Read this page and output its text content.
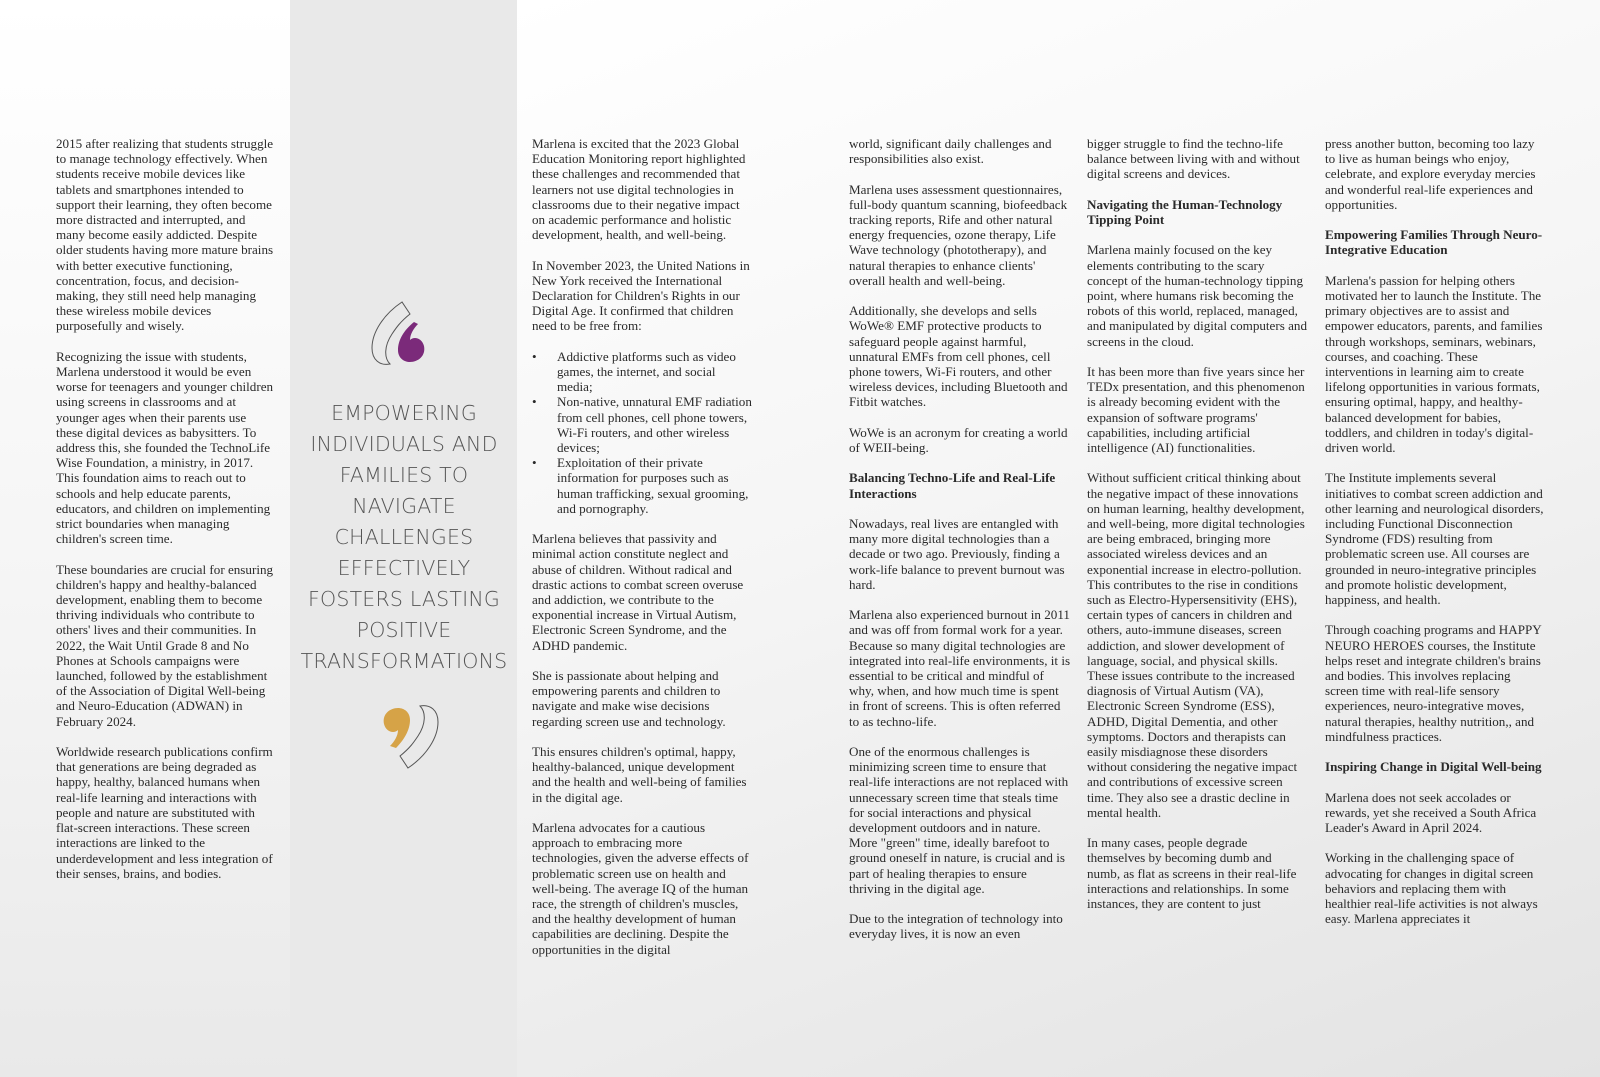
2015 after realizing that students struggle to manage technology effectively. When students receive mobile devices like tablets and smartphones intended to support their learning, they often become more distracted and interrupted, and many become easily addicted. Despite older students having more mature brains with better executive functioning, concentration, focus, and decision-making, they still need help managing these wireless mobile devices purposefully and wisely.

Recognizing the issue with students, Marlena understood it would be even worse for teenagers and younger children using screens in classrooms and at younger ages when their parents use these digital devices as babysitters. To address this, she founded the TechnoLife Wise Foundation, a ministry, in 2017. This foundation aims to reach out to schools and help educate parents, educators, and children on implementing strict boundaries when managing children's screen time.

These boundaries are crucial for ensuring children's happy and healthy-balanced development, enabling them to become thriving individuals who contribute to others' lives and their communities. In 2022, the Wait Until Grade 8 and No Phones at Schools campaigns were launched, followed by the establishment of the Association of Digital Well-being and Neuro-Education (ADWAN) in February 2024.

Worldwide research publications confirm that generations are being degraded as happy, healthy, balanced humans when real-life learning and interactions with people and nature are substituted with flat-screen interactions. These screen interactions are linked to the underdevelopment and less integration of their senses, brains, and bodies.

EMPOWERING INDIVIDUALS AND FAMILIES TO NAVIGATE CHALLENGES EFFECTIVELY FOSTERS LASTING POSITIVE TRANSFORMATIONS

Marlena is excited that the 2023 Global Education Monitoring report highlighted these challenges and recommended that learners not use digital technologies in classrooms due to their negative impact on academic performance and holistic development, health, and well-being.

In November 2023, the United Nations in New York received the International Declaration for Children's Rights in our Digital Age. It confirmed that children need to be free from:

• Addictive platforms such as video games, the internet, and social media;
• Non-native, unnatural EMF radiation from cell phones, cell phone towers, Wi-Fi routers, and other wireless devices;
• Exploitation of their private information for purposes such as human trafficking, sexual grooming, and pornography.

Marlena believes that passivity and minimal action constitute neglect and abuse of children. Without radical and drastic actions to combat screen overuse and addiction, we contribute to the exponential increase in Virtual Autism, Electronic Screen Syndrome, and the ADHD pandemic.

She is passionate about helping and empowering parents and children to navigate and make wise decisions regarding screen use and technology.

This ensures children's optimal, happy, healthy-balanced, unique development and the health and well-being of families in the digital age.

Marlena advocates for a cautious approach to embracing more technologies, given the adverse effects of problematic screen use on health and well-being. The average IQ of the human race, the strength of children's muscles, and the healthy development of human capabilities are declining. Despite the opportunities in the digital

world, significant daily challenges and responsibilities also exist.

Marlena uses assessment questionnaires, full-body quantum scanning, biofeedback tracking reports, Rife and other natural energy frequencies, ozone therapy, Life Wave technology (phototherapy), and natural therapies to enhance clients' overall health and well-being.

Additionally, she develops and sells WoWe® EMF protective products to safeguard people against harmful, unnatural EMFs from cell phones, cell phone towers, Wi-Fi routers, and other wireless devices, including Bluetooth and Fitbit watches.

WoWe is an acronym for creating a world of WEII-being.

Balancing Techno-Life and Real-Life Interactions

Nowadays, real lives are entangled with many more digital technologies than a decade or two ago. Previously, finding a work-life balance to prevent burnout was hard.

Marlena also experienced burnout in 2011 and was off from formal work for a year. Because so many digital technologies are integrated into real-life environments, it is essential to be critical and mindful of why, when, and how much time is spent in front of screens. This is often referred to as techno-life.

One of the enormous challenges is minimizing screen time to ensure that real-life interactions are not replaced with unnecessary screen time that steals time for social interactions and physical development outdoors and in nature. More "green" time, ideally barefoot to ground oneself in nature, is crucial and is part of healing therapies to ensure thriving in the digital age.

Due to the integration of technology into everyday lives, it is now an even

bigger struggle to find the techno-life balance between living with and without digital screens and devices.

Navigating the Human-Technology Tipping Point

Marlena mainly focused on the key elements contributing to the scary concept of the human-technology tipping point, where humans risk becoming the robots of this world, replaced, managed, and manipulated by digital computers and screens in the cloud.

It has been more than five years since her TEDx presentation, and this phenomenon is already becoming evident with the expansion of software programs' capabilities, including artificial intelligence (AI) functionalities.

Without sufficient critical thinking about the negative impact of these innovations on human learning, healthy development, and well-being, more digital technologies are being embraced, bringing more associated wireless devices and an exponential increase in electro-pollution. This contributes to the rise in conditions such as Electro-Hypersensitivity (EHS), certain types of cancers in children and others, auto-immune diseases, screen addiction, and slower development of language, social, and physical skills. These issues contribute to the increased diagnosis of Virtual Autism (VA), Electronic Screen Syndrome (ESS), ADHD, Digital Dementia, and other symptoms. Doctors and therapists can easily misdiagnose these disorders without considering the negative impact and contributions of excessive screen time. They also see a drastic decline in mental health.

In many cases, people degrade themselves by becoming dumb and numb, as flat as screens in their real-life interactions and relationships. In some instances, they are content to just

press another button, becoming too lazy to live as human beings who enjoy, celebrate, and explore everyday mercies and wonderful real-life experiences and opportunities.

Empowering Families Through Neuro-Integrative Education

Marlena's passion for helping others motivated her to launch the Institute. The primary objectives are to assist and empower educators, parents, and families through workshops, seminars, webinars, courses, and coaching. These interventions in learning aim to create lifelong opportunities in various formats, ensuring optimal, happy, and healthy-balanced development for babies, toddlers, and children in today's digital-driven world.

The Institute implements several initiatives to combat screen addiction and other learning and neurological disorders, including Functional Disconnection Syndrome (FDS) resulting from problematic screen use. All courses are grounded in neuro-integrative principles and promote holistic development, happiness, and health.

Through coaching programs and HAPPY NEURO HEROES courses, the Institute helps reset and integrate children's brains and bodies. This involves replacing screen time with real-life sensory experiences, neuro-integrative moves, natural therapies, healthy nutrition,, and mindfulness practices.

Inspiring Change in Digital Well-being

Marlena does not seek accolades or rewards, yet she received a South Africa Leader's Award in April 2024.

Working in the challenging space of advocating for changes in digital screen behaviors and replacing them with healthier real-life activities is not always easy. Marlena appreciates it
